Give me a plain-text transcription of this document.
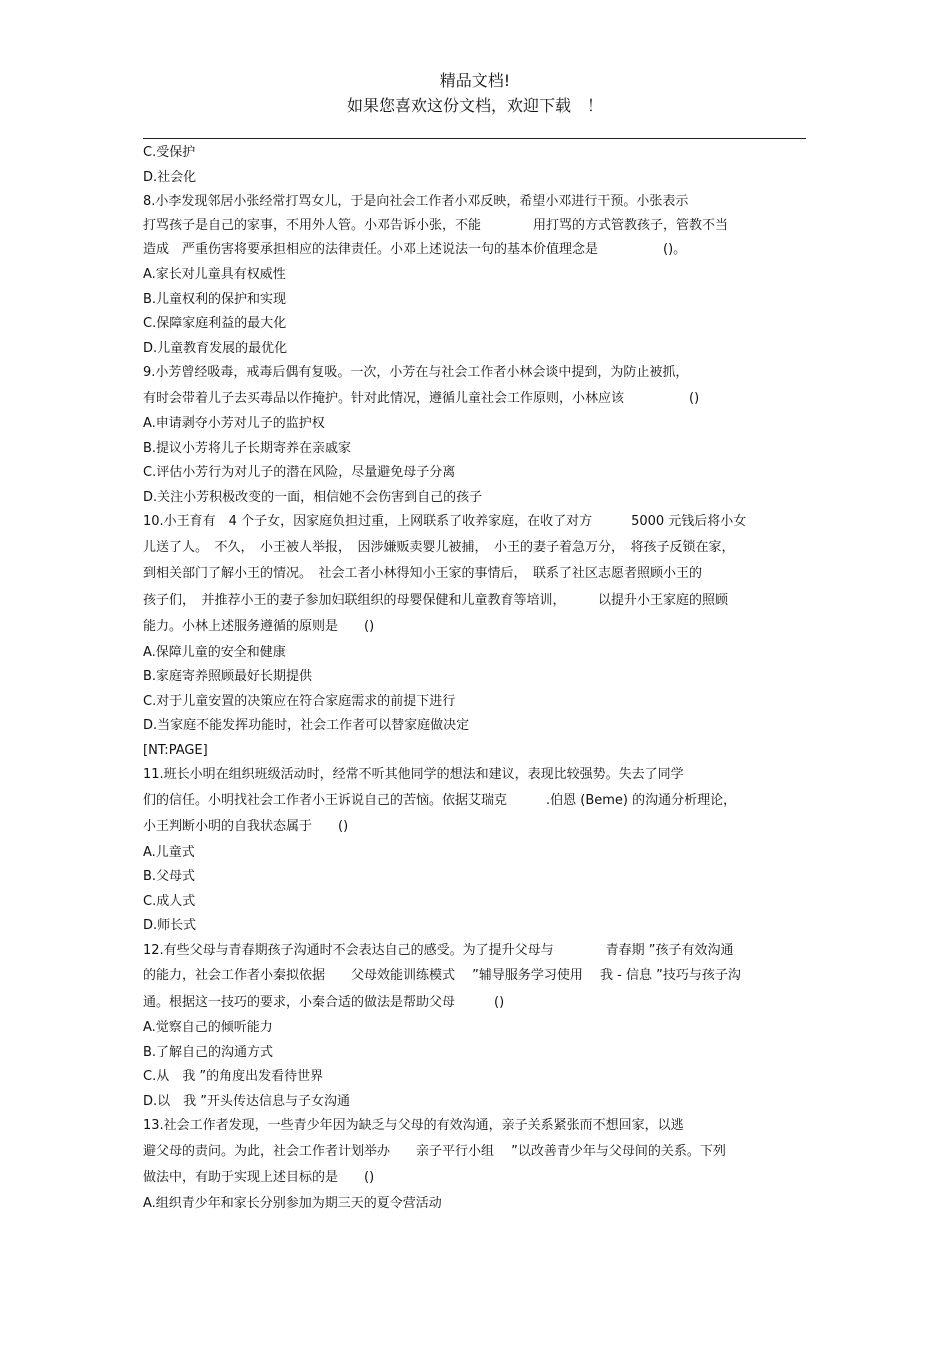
精品文档!
如果您喜欢这份文档，欢迎下载　！
C.受保护
D.社会化
8.小李发现邻居小张经常打骂女儿，于是向社会工作者小邓反映，希望小邓进行干预。小张表示
打骂孩子是自己的家事，不用外人管。小邓告诉小张，不能　　　　用打骂的方式管教孩子，管教不当
造成　严重伤害将要承担相应的法律责任。小邓上述说法一句的基本价值理念是　　　　　()。
A.家长对儿童具有权威性
B.儿童权利的保护和实现
C.保障家庭利益的最大化
D.儿童教育发展的最优化
9.小芳曾经吸毒，戒毒后偶有复吸。一次，小芳在与社会工作者小林会谈中提到，为防止被抓，
有时会带着儿子去买毒品以作掩护。针对此情况，遵循儿童社会工作原则，小林应该　　　　　()
A.申请剥夺小芳对儿子的监护权
B.提议小芳将儿子长期寄养在亲戚家
C.评估小芳行为对儿子的潜在风险，尽量避免母子分离
D.关注小芳积极改变的一面，相信她不会伤害到自己的孩子
10.小王育有　4 个子女，因家庭负担过重，上网联系了收养家庭，在收了对方　　　5000 元钱后将小女
儿送了人。　不久，　小王被人举报，　因涉嫌贩卖婴儿被捕，　小王的妻子着急万分，　将孩子反锁在家，
到相关部门了解小王的情况。　社会工者小林得知小王家的事情后，　联系了社区志愿者照顾小王的
孩子们，　并推荐小王的妻子参加妇联组织的母婴保健和儿童教育等培训，　　　以提升小王家庭的照顾
能力。小林上述服务遵循的原则是　　()
A.保障儿童的安全和健康
B.家庭寄养照顾最好长期提供
C.对于儿童安置的决策应在符合家庭需求的前提下进行
D.当家庭不能发挥功能时，社会工作者可以替家庭做决定
[NT:PAGE]
11.班长小明在组织班级活动时，经常不听其他同学的想法和建议，表现比较强势。失去了同学
们的信任。小明找社会工作者小王诉说自己的苦恼。依据艾瑞克　　　.伯恩 (Beme) 的沟通分析理论，
小王判断小明的自我状态属于　　()
A.儿童式
B.父母式
C.成人式
D.师长式
12.有些父母与青春期孩子沟通时不会表达自己的感受。为了提升父母与　　　　青春期 ”孩子有效沟通
的能力，社会工作者小秦拟依据　　父母效能训练模式　 ”辅导服务学习使用　 我 - 信息 ”技巧与孩子沟
通。根据这一技巧的要求，小秦合适的做法是帮助父母　　　()
A.觉察自己的倾听能力
B.了解自己的沟通方式
C.从　我 ”的角度出发看待世界
D.以　我 ”开头传达信息与子女沟通
13.社会工作者发现，一些青少年因为缺乏与父母的有效沟通，亲子关系紧张而不想回家，以逃
避父母的责问。为此，社会工作者计划举办　　亲子平行小组　 ”以改善青少年与父母间的关系。下列
做法中，有助于实现上述目标的是　　()
A.组织青少年和家长分别参加为期三天的夏令营活动
